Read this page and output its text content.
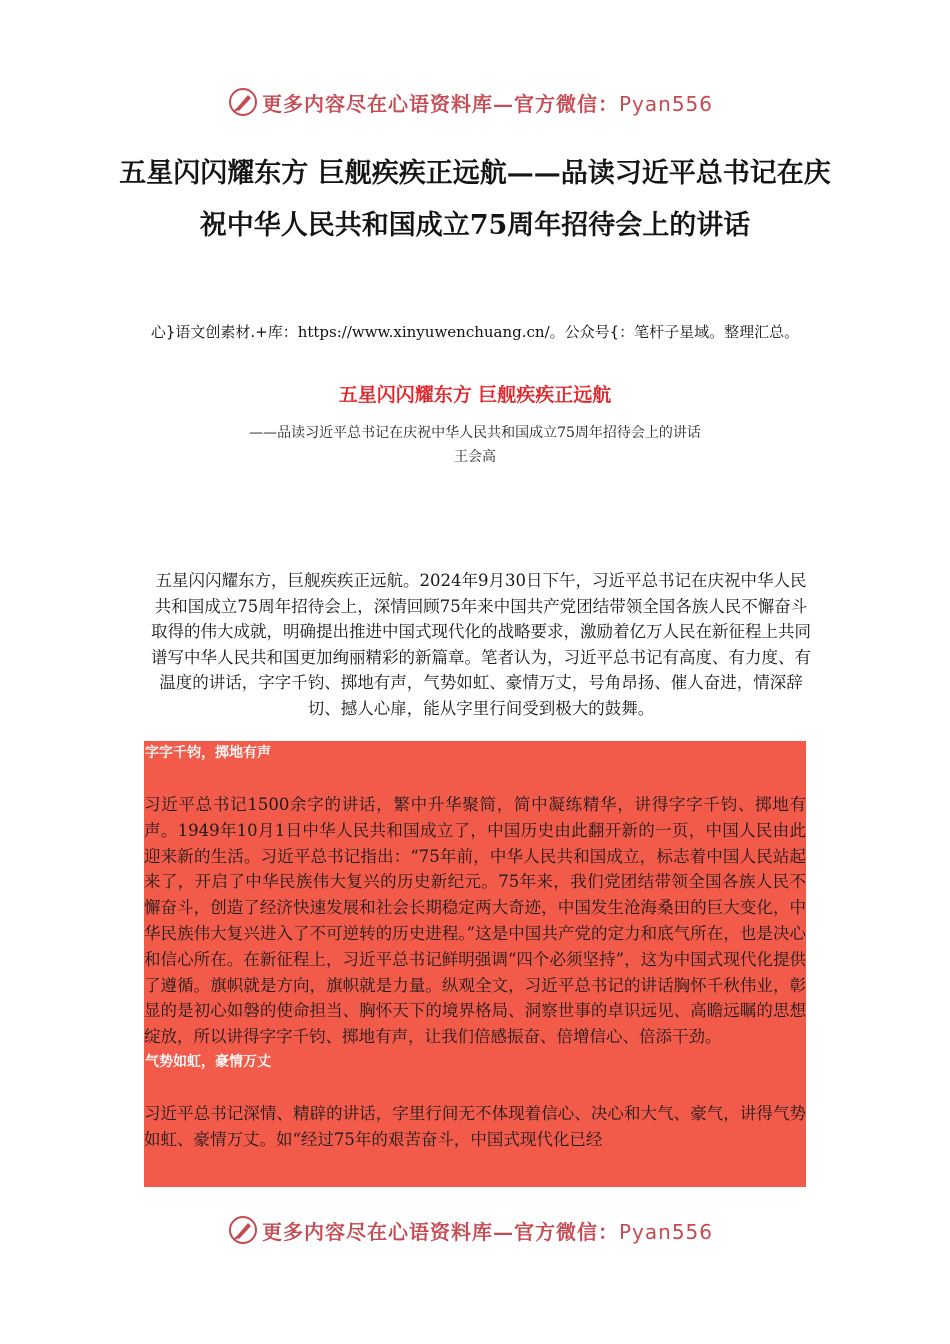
更多内容尽在心语资料库—官方微信：Pyan556
五星闪闪耀东方 巨舰疾疾正远航——品读习近平总书记在庆祝中华人民共和国成立75周年招待会上的讲话

心}语文创素材.+库：https://www.xinyuwenchuang.cn/。公众号{：笔杆子星域。整理汇总。

五星闪闪耀东方 巨舰疾疾正远航

——品读习近平总书记在庆祝中华人民共和国成立75周年招待会上的讲话

王会高

五星闪闪耀东方，巨舰疾疾正远航。2024年9月30日下午，习近平总书记在庆祝中华人民共和国成立75周年招待会上，深情回顾75年来中国共产党团结带领全国各族人民不懈奋斗取得的伟大成就，明确提出推进中国式现代化的战略要求，激励着亿万人民在新征程上共同谱写中华人民共和国更加绚丽精彩的新篇章。笔者认为，习近平总书记有高度、有力度、有温度的讲话，字字千钧、掷地有声，气势如虹、豪情万丈，号角昂扬、催人奋进，情深辞切、撼人心扉，能从字里行间受到极大的鼓舞。

字字千钧，掷地有声

习近平总书记1500余字的讲话，繁中升华聚简，简中凝练精华，讲得字字千钧、掷地有声。1949年10月1日中华人民共和国成立了，中国历史由此翻开新的一页，中国人民由此迎来新的生活。习近平总书记指出：“75年前，中华人民共和国成立，标志着中国人民站起来了，开启了中华民族伟大复兴的历史新纪元。75年来，我们党团结带领全国各族人民不懈奋斗，创造了经济快速发展和社会长期稳定两大奇迹，中国发生沧海桑田的巨大变化，中华民族伟大复兴进入了不可逆转的历史进程。”这是中国共产党的定力和底气所在，也是决心和信心所在。在新征程上，习近平总书记鲜明强调“四个必须坚持”，这为中国式现代化提供了遵循。旗帜就是方向，旗帜就是力量。纵观全文，习近平总书记的讲话胸怀千秋伟业，彰显的是初心如磐的使命担当、胸怀天下的境界格局、洞察世事的卓识远见、高瞻远瞩的思想绽放，所以讲得字字千钧、掷地有声，让我们倍感振奋、倍增信心、倍添干劲。

气势如虹，豪情万丈

习近平总书记深情、精辟的讲话，字里行间无不体现着信心、决心和大气、豪气，讲得气势如虹、豪情万丈。如“经过75年的艰苦奋斗，中国式现代化已经

更多内容尽在心语资料库—官方微信：Pyan556
